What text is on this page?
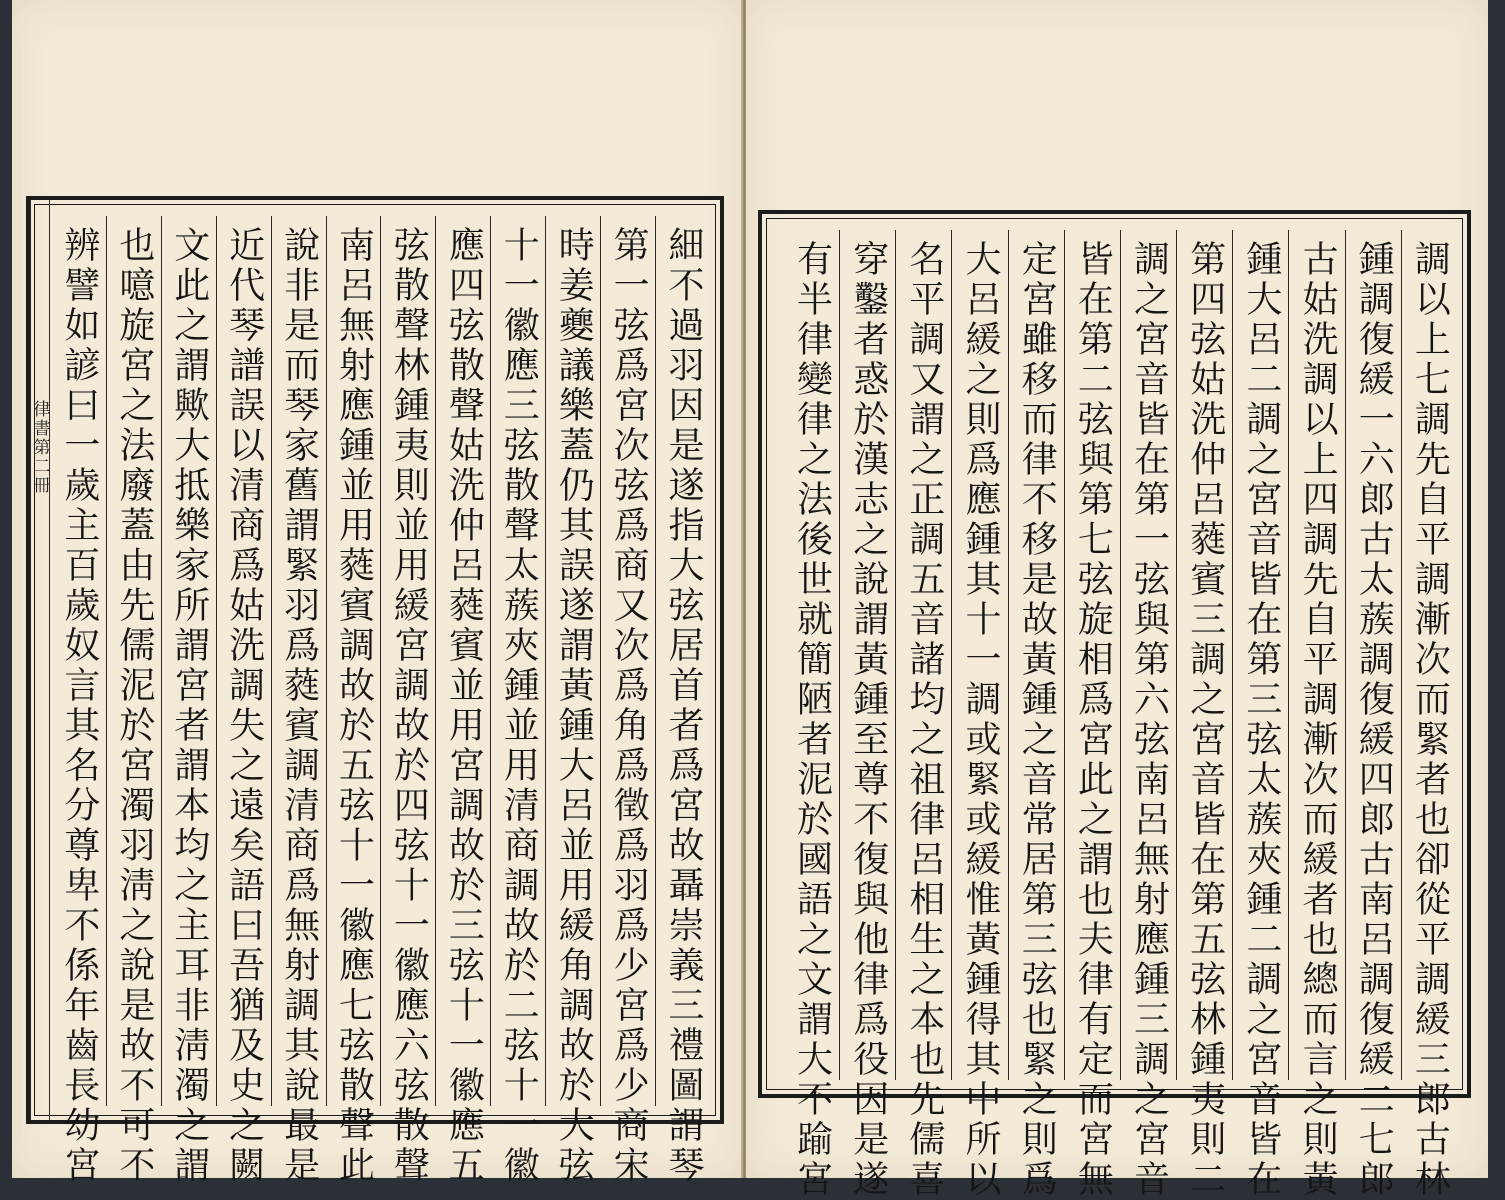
律書第二冊	細不過羽因是遂指大弦居首者爲宮故聶崇義三禮圖謂琴
第一弦爲宮次弦爲商又次爲角爲徵爲羽爲少宮爲少商宋
時姜夔議樂蓋仍其誤遂謂黃鍾大呂並用緩角調故於大弦
十一徽應三弦散聲太蔟夾鍾並用清商調故於二弦十一徽
應四弦散聲姑洗仲呂蕤賓並用宮調故於三弦十一徽應五
弦散聲林鍾夷則並用緩宮調故於四弦十一徽應六弦散聲
南呂無射應鍾並用蕤賓調故於五弦十一徽應七弦散聲此
說非是而琴家舊謂緊羽爲蕤賓調清商爲無射調其說最是
近代琴譜誤以清商爲姑洗調失之遠矣語曰吾猶及史之闕
文此之謂歟大抵樂家所謂宮者謂本均之主耳非淸濁之謂
也噫旋宮之法廢蓋由先儒泥於宮濁羽淸之說是故不可不
辨譬如諺曰一歲主百歲奴言其名分尊卑不係年齒長幼宮	調以上七調先自平調漸次而緊者也卻從平調緩三郎古林
鍾調復緩一六郎古太蔟調復緩四郎古南呂調復緩二七郎
古姑洗調以上四調先自平調漸次而緩者也總而言之則黃
鍾大呂二調之宮音皆在第三弦太蔟夾鍾二調之宮音皆在
第四弦姑洗仲呂蕤賓三調之宮音皆在第五弦林鍾夷則二
調之宮音皆在第一弦與第六弦南呂無射應鍾三調之宮音
皆在第二弦與第七弦旋相爲宮此之謂也夫律有定而宮無
定宮雖移而律不移是故黃鍾之音常居第三弦也緊之則爲
大呂緩之則爲應鍾其十一調或緊或緩惟黃鍾得其中所以
名平調又謂之正調五音諸均之祖律呂相生之本也先儒喜
穿鑿者惑於漢志之說謂黃鍾至尊不復與他律爲役因是遂
有半律變律之法後世就簡陋者泥於國語之文謂大不踰宮
